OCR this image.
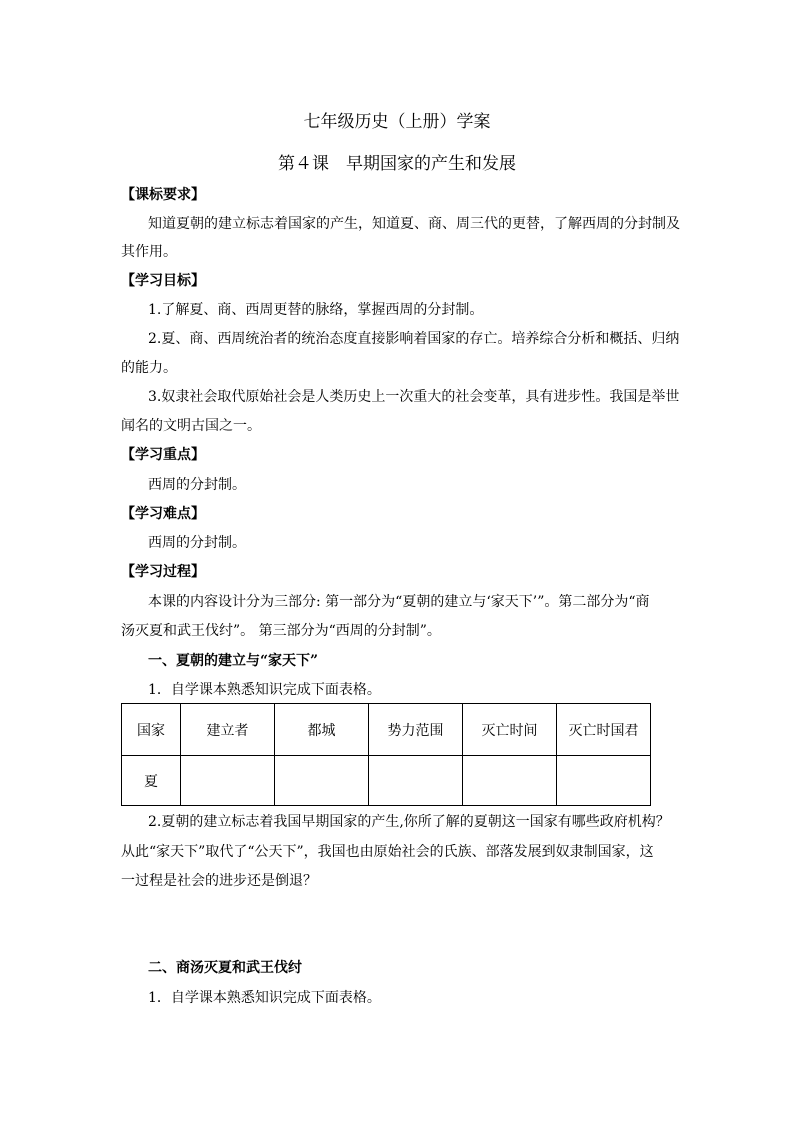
七年级历史（上册）学案
第４课　早期国家的产生和发展
【课标要求】
知道夏朝的建立标志着国家的产生，知道夏、商、周三代的更替，了解西周的分封制及
其作用。
【学习目标】
1.了解夏、商、西周更替的脉络，掌握西周的分封制。
2.夏、商、西周统治者的统治态度直接影响着国家的存亡。培养综合分析和概括、归纳
的能力。
3.奴隶社会取代原始社会是人类历史上一次重大的社会变革，具有进步性。我国是举世
闻名的文明古国之一。
【学习重点】
西周的分封制。
【学习难点】
西周的分封制。
【学习过程】
本课的内容设计分为三部分: 第一部分为“夏朝的建立与‘家天下’”。第二部分为“商
汤灭夏和武王伐纣”。 第三部分为“西周的分封制”。
一、夏朝的建立与“家天下”
1．自学课本熟悉知识完成下面表格。
国家	建立者	都城	势力范围	灭亡时间	灭亡时国君
夏					
2.夏朝的建立标志着我国早期国家的产生,你所了解的夏朝这一国家有哪些政府机构？
从此“家天下”取代了“公天下”，我国也由原始社会的氏族、部落发展到奴隶制国家，这
一过程是社会的进步还是倒退？
二、商汤灭夏和武王伐纣
1．自学课本熟悉知识完成下面表格。
